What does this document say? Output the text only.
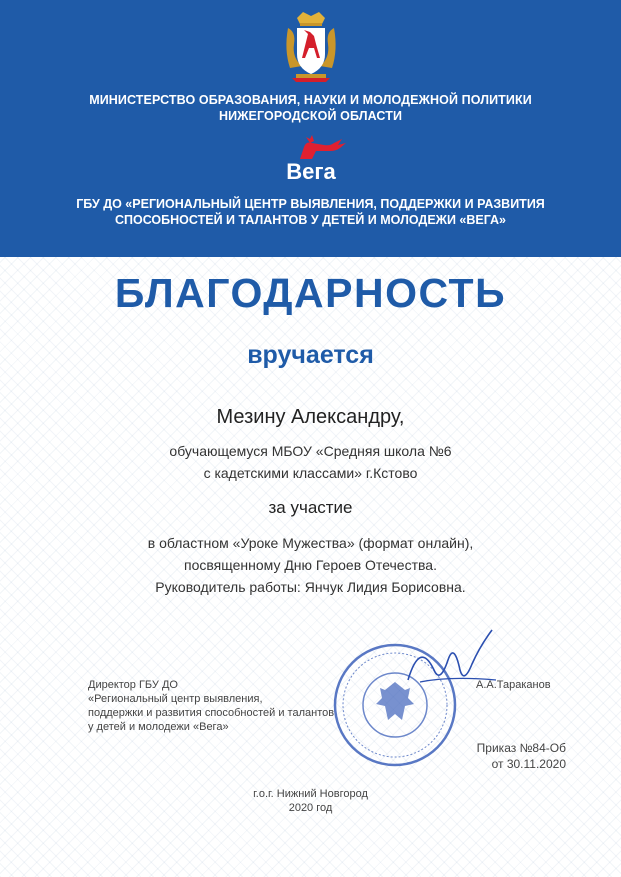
МИНИСТЕРСТВО ОБРАЗОВАНИЯ, НАУКИ И МОЛОДЕЖНОЙ ПОЛИТИКИ
НИЖЕГОРОДСКОЙ ОБЛАСТИ
Вега
ГБУ ДО «РЕГИОНАЛЬНЫЙ ЦЕНТР ВЫЯВЛЕНИЯ, ПОДДЕРЖКИ И РАЗВИТИЯ
СПОСОБНОСТЕЙ И ТАЛАНТОВ У ДЕТЕЙ И МОЛОДЕЖИ «ВЕГА»
БЛАГОДАРНОСТЬ
вручается
Мезину Александру,
обучающемуся МБОУ «Средняя школа №6
с кадетскими классами» г.Кстово
за участие
в областном «Уроке Мужества» (формат онлайн),
посвященному Дню Героев Отечества.
Руководитель работы: Янчук Лидия Борисовна.
Директор ГБУ ДО
«Региональный центр выявления,
поддержки и развития способностей и талантов
у детей и молодежи «Вега»
А.А.Тараканов
Приказ №84-Об
от 30.11.2020
г.о.г. Нижний Новгород
2020 год
